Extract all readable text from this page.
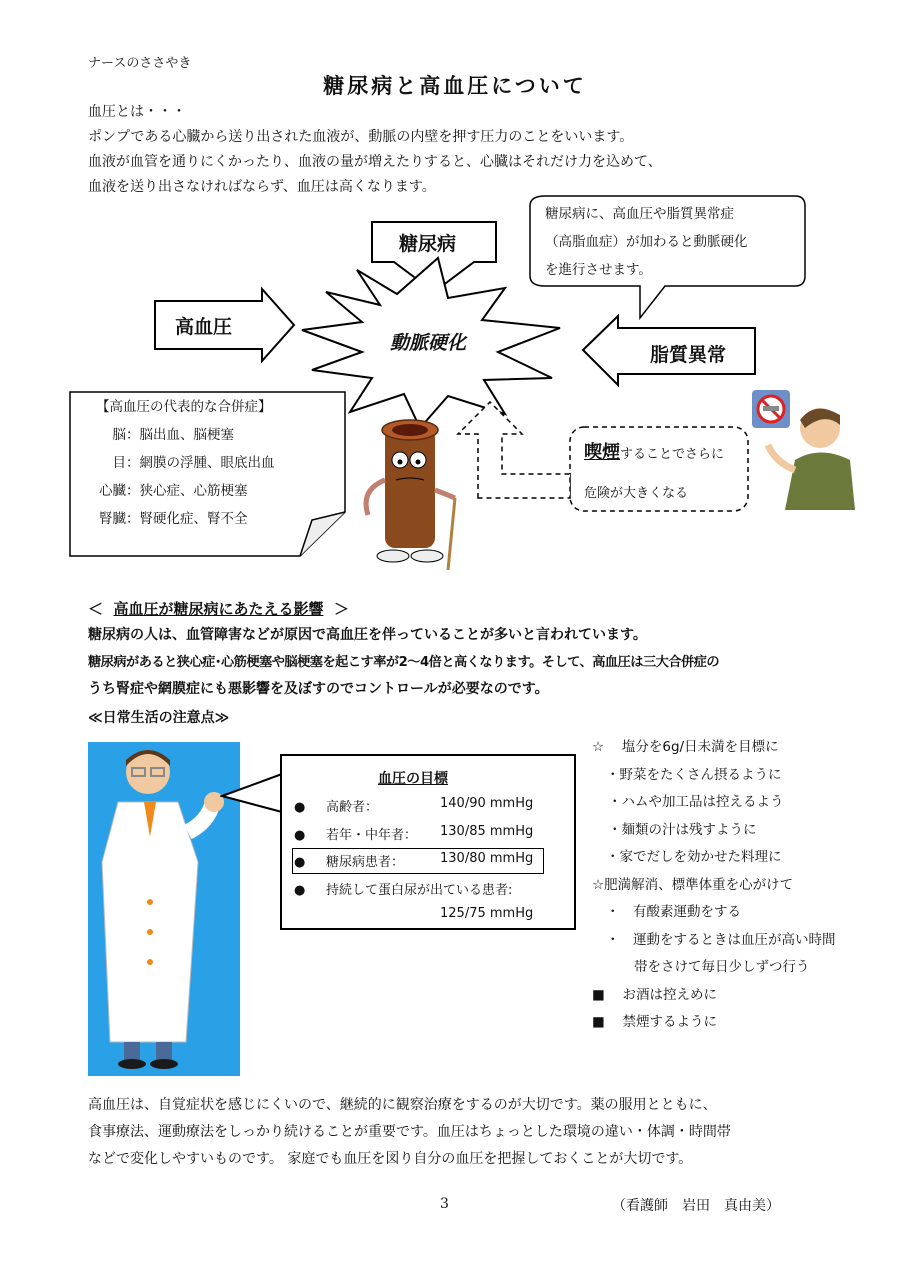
ナースのささやき
糖尿病と高血圧について
血圧とは・・・
ポンプである心臓から送り出された血液が、動脈の内壁を押す圧力のことをいいます。
血液が血管を通りにくかったり、血液の量が増えたりすると、心臓はそれだけ力を込めて、
血液を送り出さなければならず、血圧は高くなります。
糖尿病
高血圧
脂質異常
動脈硬化
糖尿病に、高血圧や脂質異常症
（高脂血症）が加わると動脈硬化
を進行させます。
【高血圧の代表的な合併症】
脳：脳出血、脳梗塞
目：網膜の浮腫、眼底出血
心臓：狭心症、心筋梗塞
腎臓：腎硬化症、腎不全
喫煙することでさらに
危険が大きくなる
＜ 高血圧が糖尿病にあたえる影響 ＞
糖尿病の人は、血管障害などが原因で高血圧を伴っていることが多いと言われています。
糖尿病があると狭心症･心筋梗塞や脳梗塞を起こす率が2～4倍と高くなります。そして、高血圧は三大合併症の
うち腎症や網膜症にも悪影響を及ぼすのでコントロールが必要なのです。
≪日常生活の注意点≫
血圧の目標
●     高齢者：	140/90 mmHg
●     若年・中年者： 130/85 mmHg
●     糖尿病患者：	130/80 mmHg
●     持続して蛋白尿が出ている患者:
125/75 mmHg
☆　 塩分を6g/日未満を目標に
・野菜をたくさん摂るように
・ハムや加工品は控えるよう
・麺類の汁は残すように
・家でだしを効かせた料理に
☆肥満解消、標準体重を心がけて
・　有酸素運動をする
・　運動をするときは血圧が高い時間
帯をさけて毎日少しずつ行う
■　 お酒は控えめに
■　 禁煙するように
高血圧は、自覚症状を感じにくいので、継続的に観察治療をするのが大切です。薬の服用とともに、
食事療法、運動療法をしっかり続けることが重要です。血圧はちょっとした環境の違い・体調・時間帯
などで変化しやすいものです。 家庭でも血圧を図り自分の血圧を把握しておくことが大切です。
3	（看護師　岩田　真由美）
